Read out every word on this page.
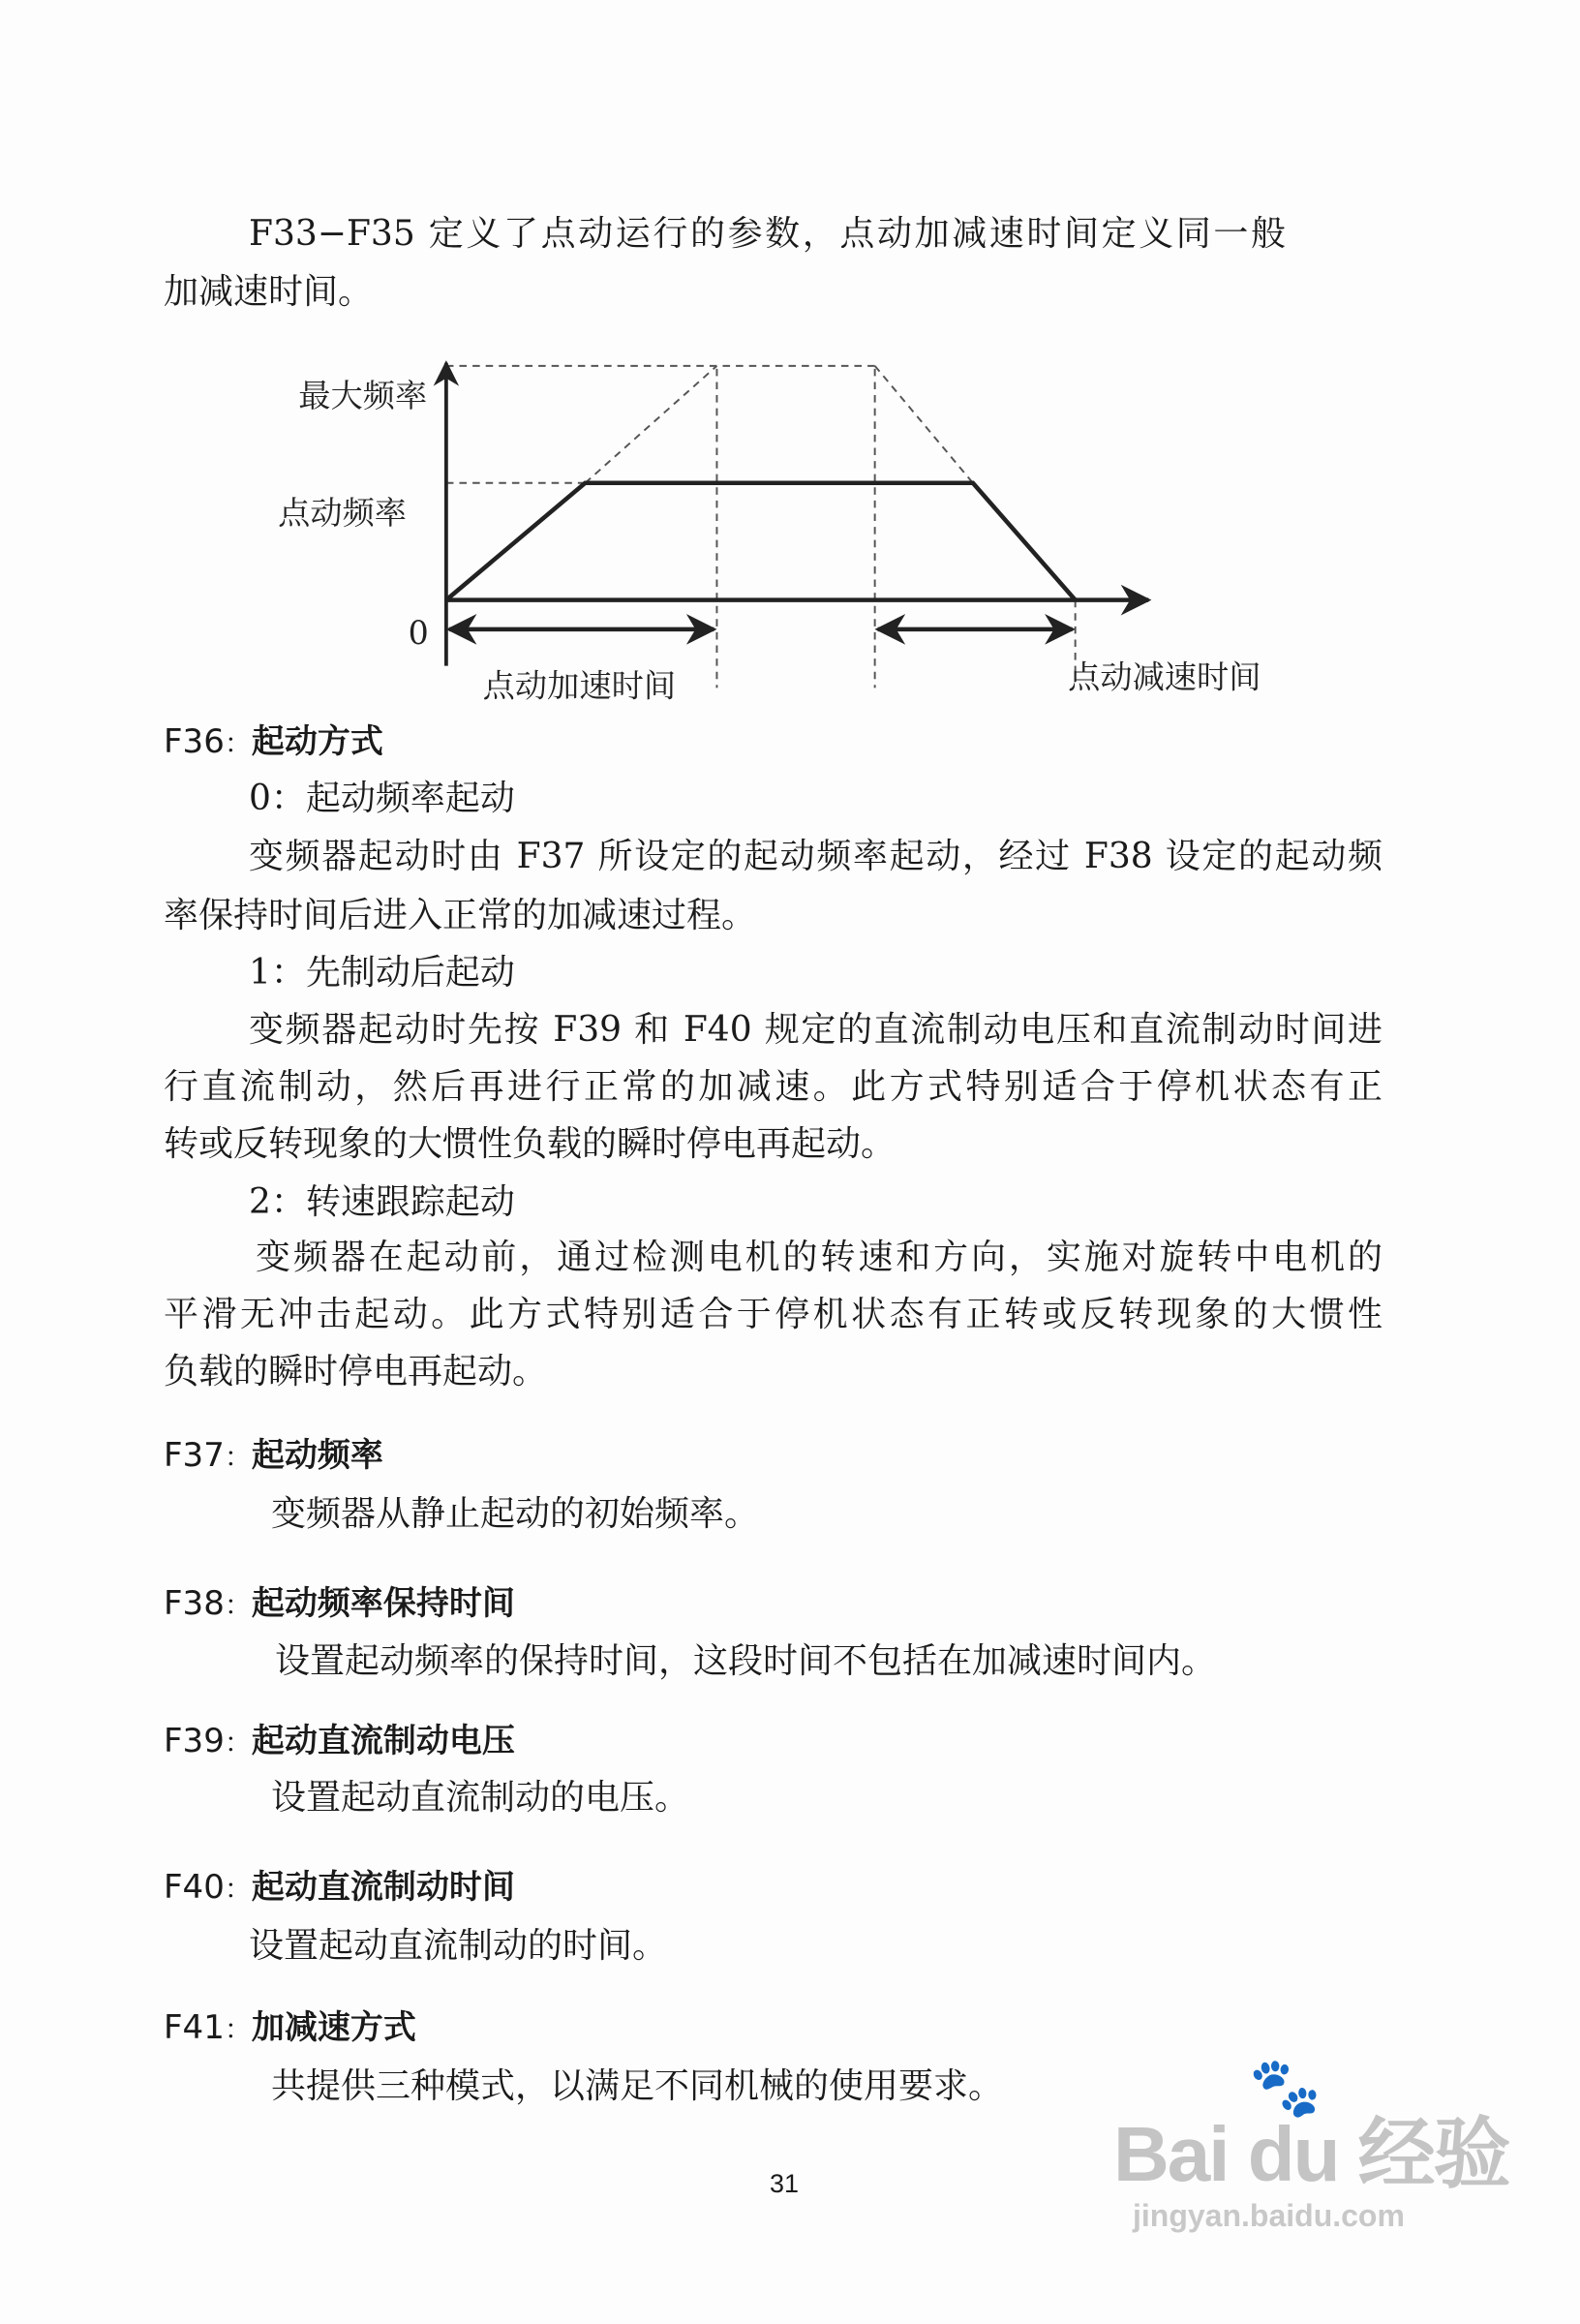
F33−F35 定义了点动运行的参数，点动加减速时间定义同一般
加减速时间。
最大频率
点动频率
0
点动加速时间	点动减速时间
F36：起动方式
0：起动频率起动
变频器起动时由 F37 所设定的起动频率起动，经过 F38 设定的起动频
率保持时间后进入正常的加减速过程。
1：先制动后起动
变频器起动时先按 F39 和 F40 规定的直流制动电压和直流制动时间进
行直流制动，然后再进行正常的加减速。此方式特别适合于停机状态有正
转或反转现象的大惯性负载的瞬时停电再起动。
2：转速跟踪起动
变频器在起动前，通过检测电机的转速和方向，实施对旋转中电机的
平滑无冲击起动。此方式特别适合于停机状态有正转或反转现象的大惯性
负载的瞬时停电再起动。
F37：起动频率
变频器从静止起动的初始频率。
F38：起动频率保持时间
设置起动频率的保持时间，这段时间不包括在加减速时间内。
F39：起动直流制动电压
设置起动直流制动的电压。
F40：起动直流制动时间
设置起动直流制动的时间。
F41：加减速方式
共提供三种模式，以满足不同机械的使用要求。
31
🐾
Bai du 经验
jingyan.baidu.com
